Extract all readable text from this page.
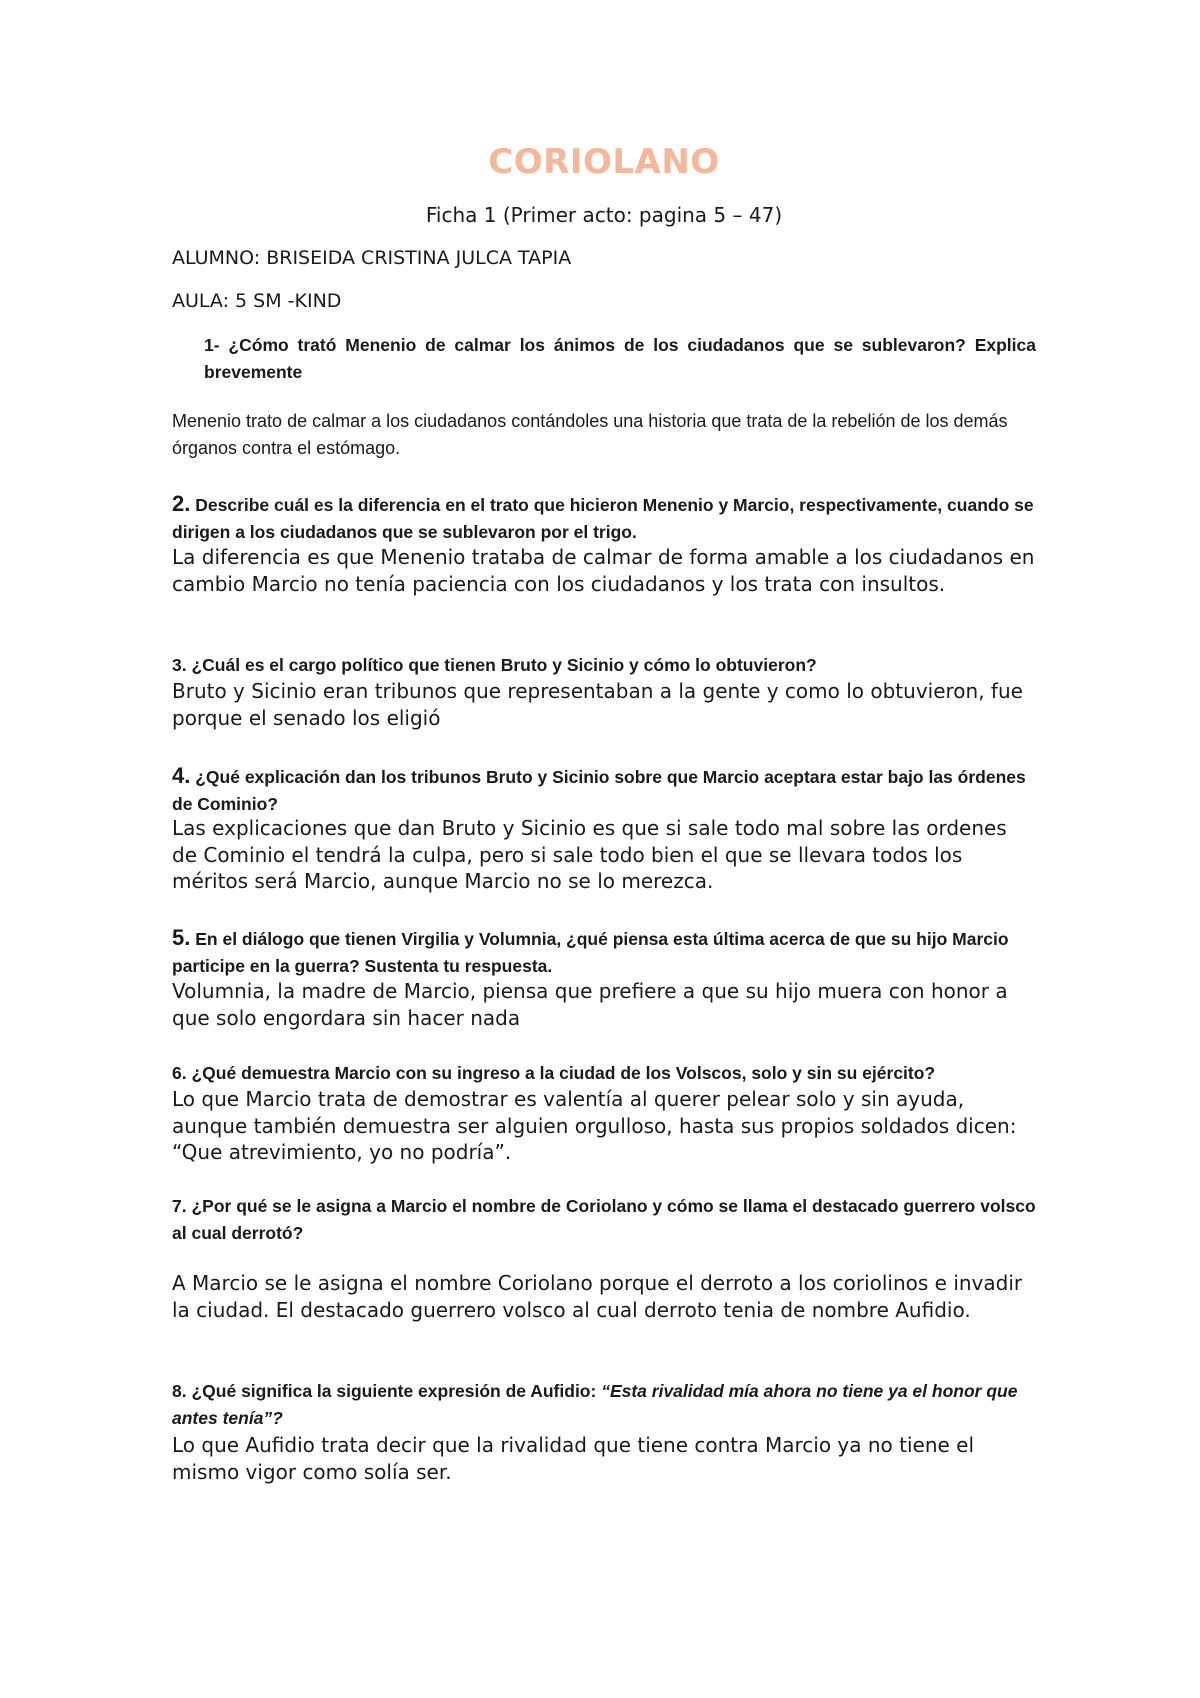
CORIOLANO

Ficha 1 (Primer acto: pagina 5 – 47)

ALUMNO: BRISEIDA CRISTINA JULCA TAPIA

AULA: 5 SM -KIND

1- ¿Cómo trató Menenio de calmar los ánimos de los ciudadanos que se sublevaron? Explica brevemente

Menenio trato de calmar a los ciudadanos contándoles una historia que trata de la rebelión de los demás órganos contra el estómago.

2. Describe cuál es la diferencia en el trato que hicieron Menenio y Marcio, respectivamente, cuando se dirigen a los ciudadanos que se sublevaron por el trigo.

La diferencia es que Menenio trataba de calmar de forma amable a los ciudadanos en cambio Marcio no tenía paciencia con los ciudadanos y los trata con insultos.

3. ¿Cuál es el cargo político que tienen Bruto y Sicinio y cómo lo obtuvieron?

Bruto y Sicinio eran tribunos que representaban a la gente y como lo obtuvieron, fue porque el senado los eligió

4. ¿Qué explicación dan los tribunos Bruto y Sicinio sobre que Marcio aceptara estar bajo las órdenes de Cominio?

Las explicaciones que dan Bruto y Sicinio es que si sale todo mal sobre las ordenes de Cominio el tendrá la culpa, pero si sale todo bien el que se llevara todos los méritos será Marcio, aunque Marcio no se lo merezca.

5. En el diálogo que tienen Virgilia y Volumnia, ¿qué piensa esta última acerca de que su hijo Marcio participe en la guerra? Sustenta tu respuesta.

Volumnia, la madre de Marcio, piensa que prefiere a que su hijo muera con honor a que solo engordara sin hacer nada

6. ¿Qué demuestra Marcio con su ingreso a la ciudad de los Volscos, solo y sin su ejército?

Lo que Marcio trata de demostrar es valentía al querer pelear solo y sin ayuda, aunque también demuestra ser alguien orgulloso, hasta sus propios soldados dicen: “Que atrevimiento, yo no podría”.

7. ¿Por qué se le asigna a Marcio el nombre de Coriolano y cómo se llama el destacado guerrero volsco al cual derrotó?

A Marcio se le asigna el nombre Coriolano porque el derroto a los coriolinos e invadir la ciudad. El destacado guerrero volsco al cual derroto tenia de nombre Aufidio.

8. ¿Qué significa la siguiente expresión de Aufidio: “Esta rivalidad mía ahora no tiene ya el honor que antes tenía”?

Lo que Aufidio trata decir que la rivalidad que tiene contra Marcio ya no tiene el mismo vigor como solía ser.
